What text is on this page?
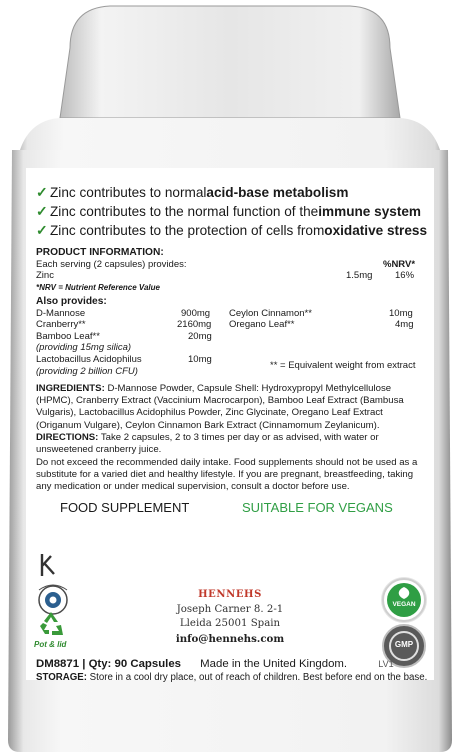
✓ Zinc contributes to normal acid-base metabolism
✓ Zinc contributes to the normal function of the immune system
✓ Zinc contributes to the protection of cells from oxidative stress
PRODUCT INFORMATION:
Each serving (2 capsules) provides:	%NRV*
Zinc	1.5mg 16%
*NRV = Nutrient Reference Value
Also provides:
D-Mannose	900mg Ceylon Cinnamon**	10mg
Cranberry**	2160mg Oregano Leaf**	4mg
Bamboo Leaf**	20mg
(providing 15mg silica)
Lactobacillus Acidophilus	10mg
(providing 2 billion CFU)
** = Equivalent weight from extract
INGREDIENTS: D-Mannose Powder, Capsule Shell: Hydroxypropyl Methylcellulose (HPMC), Cranberry Extract (Vaccinium Macrocarpon), Bamboo Leaf Extract (Bambusa Vulgaris), Lactobacillus Acidophilus Powder, Zinc Glycinate, Oregano Leaf Extract (Origanum Vulgare), Ceylon Cinnamon Bark Extract (Cinnamomum Zeylanicum).
DIRECTIONS: Take 2 capsules, 2 to 3 times per day or as advised, with water or unsweetened cranberry juice.
Do not exceed the recommended daily intake. Food supplements should not be used as a substitute for a varied diet and healthy lifestyle. If you are pregnant, breastfeeding, taking any medication or under medical supervision, consult a doctor before use.
FOOD SUPPLEMENT	SUITABLE FOR VEGANS
Pot & lid
HENNEHS
Joseph Carner 8. 2-1
Lleida 25001 Spain
info@hennehs.com
VEGAN
GMP
DM8871 | Qty: 90 Capsules Made in the United Kingdom.	LV1
STORAGE: Store in a cool dry place, out of reach of children. Best before end on the base.
